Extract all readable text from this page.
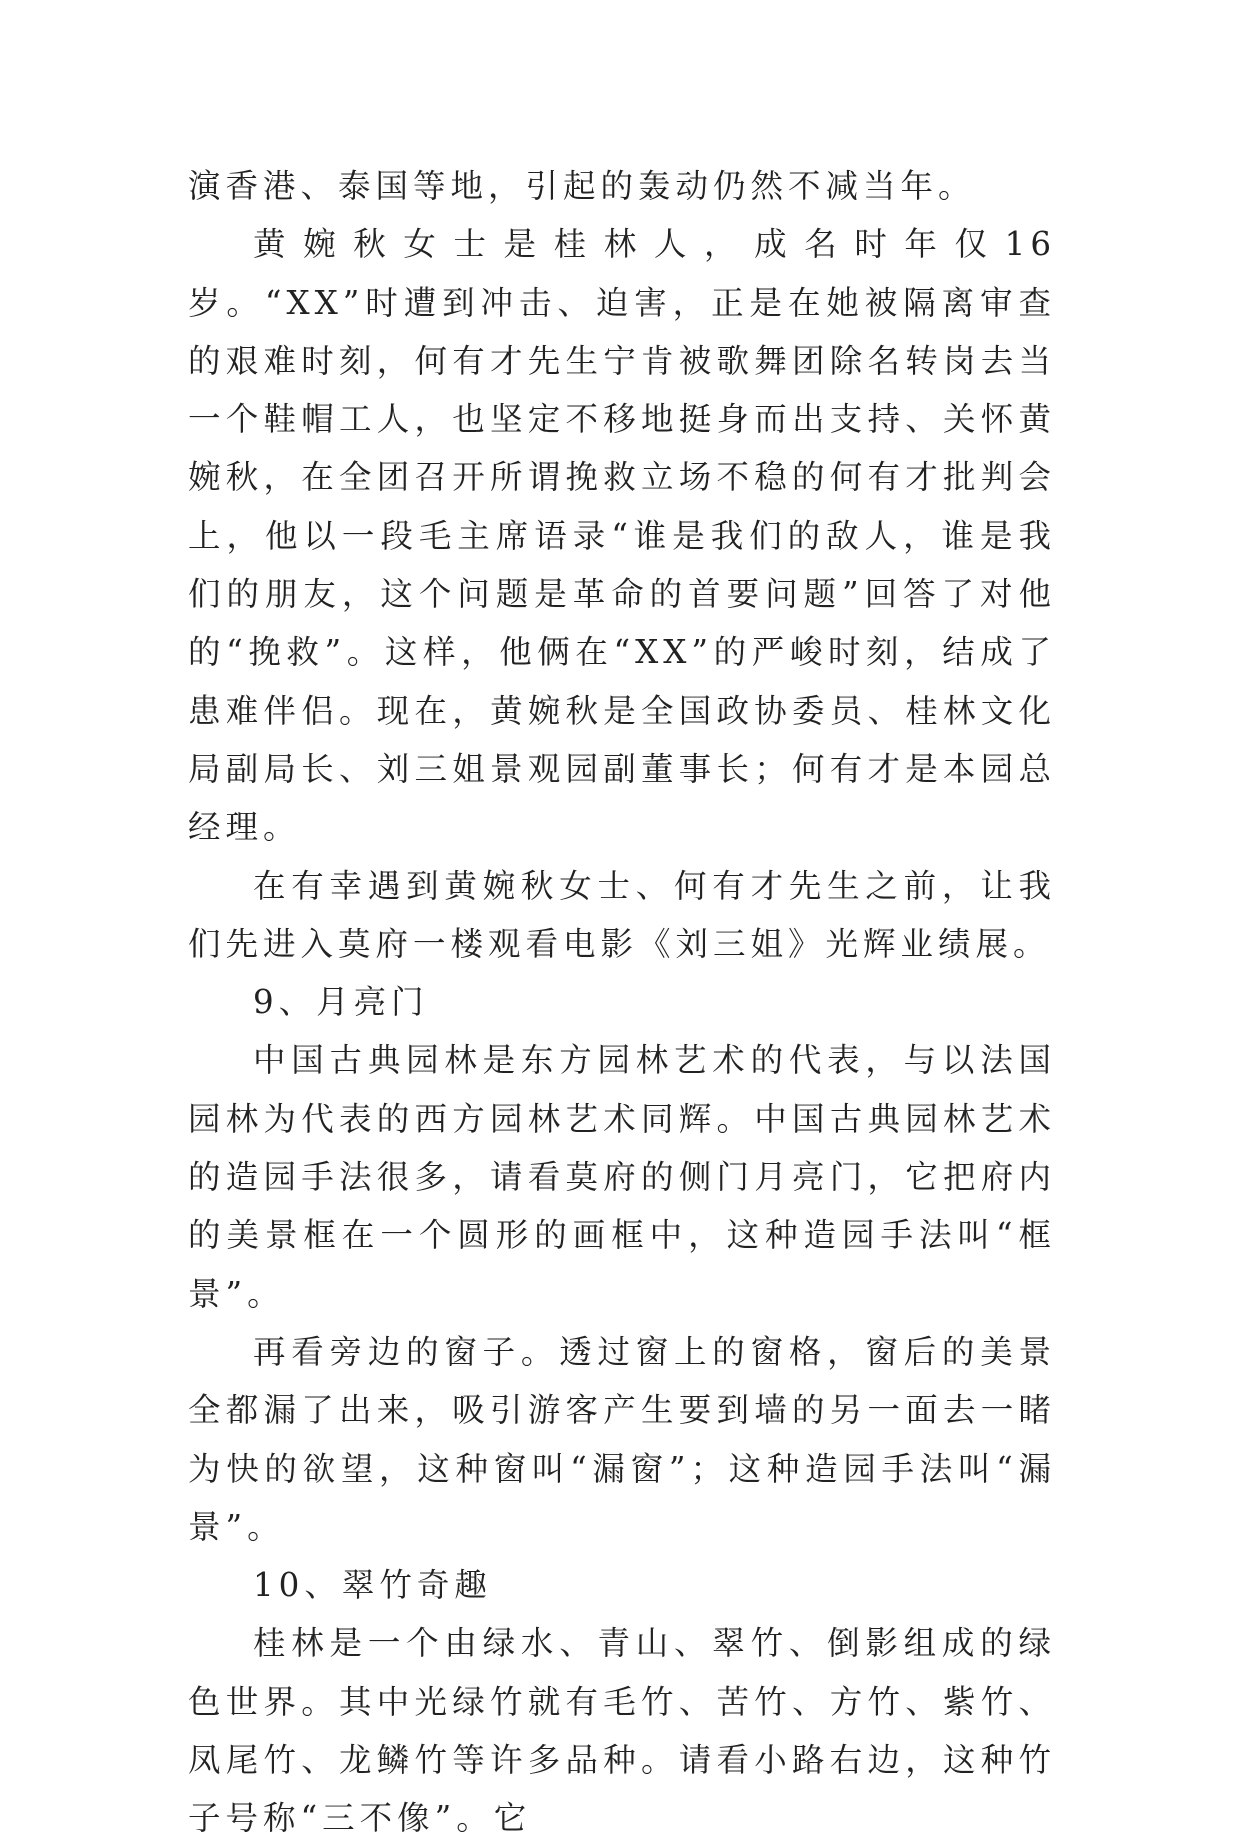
演香港、泰国等地，引起的轰动仍然不减当年。

黄婉秋女士是桂林人，成名时年仅16岁。“XX”时遭到冲击、迫害，正是在她被隔离审查的艰难时刻，何有才先生宁肯被歌舞团除名转岗去当一个鞋帽工人，也坚定不移地挺身而出支持、关怀黄婉秋，在全团召开所谓挽救立场不稳的何有才批判会上，他以一段毛主席语录“谁是我们的敌人，谁是我们的朋友，这个问题是革命的首要问题”回答了对他的“挽救”。这样，他俩在“XX”的严峻时刻，结成了患难伴侣。现在，黄婉秋是全国政协委员、桂林文化局副局长、刘三姐景观园副董事长；何有才是本园总经理。

在有幸遇到黄婉秋女士、何有才先生之前，让我们先进入莫府一楼观看电影《刘三姐》光辉业绩展。

9、月亮门

中国古典园林是东方园林艺术的代表，与以法国园林为代表的西方园林艺术同辉。中国古典园林艺术的造园手法很多，请看莫府的侧门月亮门，它把府内的美景框在一个圆形的画框中，这种造园手法叫“框景”。

再看旁边的窗子。透过窗上的窗格，窗后的美景全都漏了出来，吸引游客产生要到墙的另一面去一睹为快的欲望，这种窗叫“漏窗”；这种造园手法叫“漏景”。

10、翠竹奇趣

桂林是一个由绿水、青山、翠竹、倒影组成的绿色世界。其中光绿竹就有毛竹、苦竹、方竹、紫竹、凤尾竹、龙鳞竹等许多品种。请看小路右边，这种竹子号称“三不像”。它
